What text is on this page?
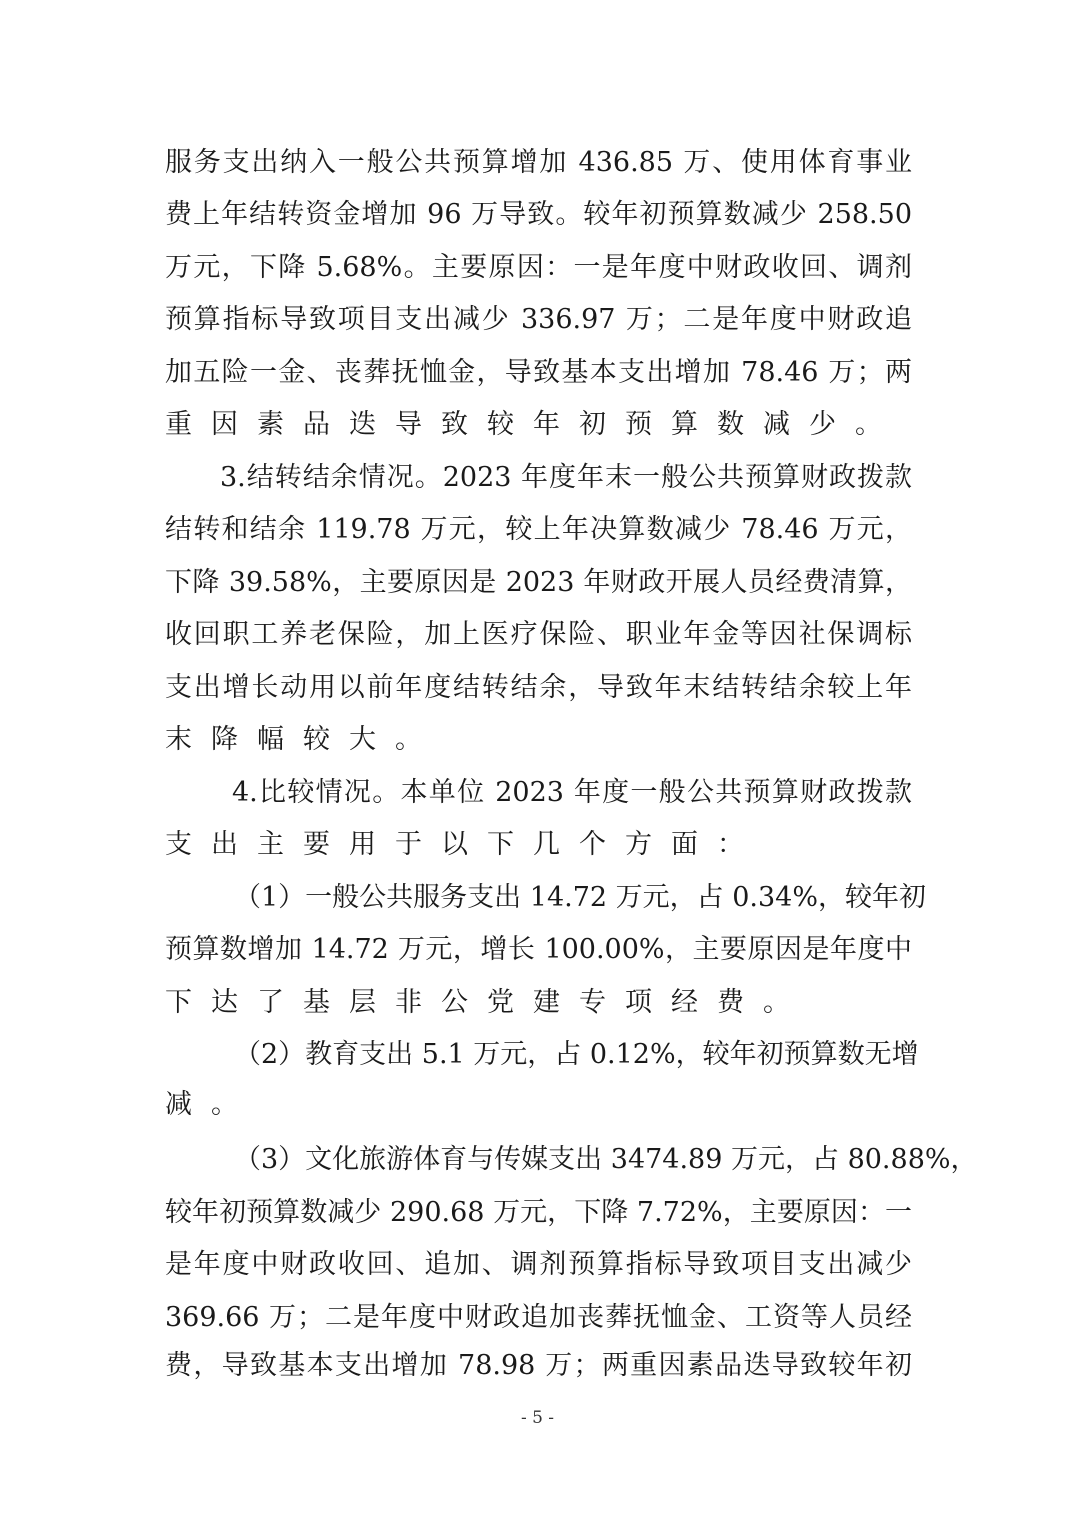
服务支出纳入一般公共预算增加 436.85 万、使用体育事业
费上年结转资金增加 96 万导致。较年初预算数减少 258.50
万元，下降 5.68%。主要原因：一是年度中财政收回、调剂
预算指标导致项目支出减少 336.97 万；二是年度中财政追
加五险一金、丧葬抚恤金，导致基本支出增加 78.46 万；两
重因素品迭导致较年初预算数减少。
3.结转结余情况。2023 年度年末一般公共预算财政拨款
结转和结余 119.78 万元，较上年决算数减少 78.46 万元，
下降 39.58%，主要原因是 2023 年财政开展人员经费清算，
收回职工养老保险，加上医疗保险、职业年金等因社保调标
支出增长动用以前年度结转结余，导致年末结转结余较上年
末降幅较大。
4.比较情况。本单位 2023 年度一般公共预算财政拨款
支出主要用于以下几个方面：
（1）一般公共服务支出 14.72 万元，占 0.34%，较年初
预算数增加 14.72 万元，增长 100.00%，主要原因是年度中
下达了基层非公党建专项经费。
（2）教育支出 5.1 万元，占 0.12%，较年初预算数无增
减。
（3）文化旅游体育与传媒支出 3474.89 万元，占 80.88%，
较年初预算数减少 290.68 万元，下降 7.72%，主要原因：一
是年度中财政收回、追加、调剂预算指标导致项目支出减少
369.66 万；二是年度中财政追加丧葬抚恤金、工资等人员经
费，导致基本支出增加 78.98 万；两重因素品迭导致较年初
- 5 -
